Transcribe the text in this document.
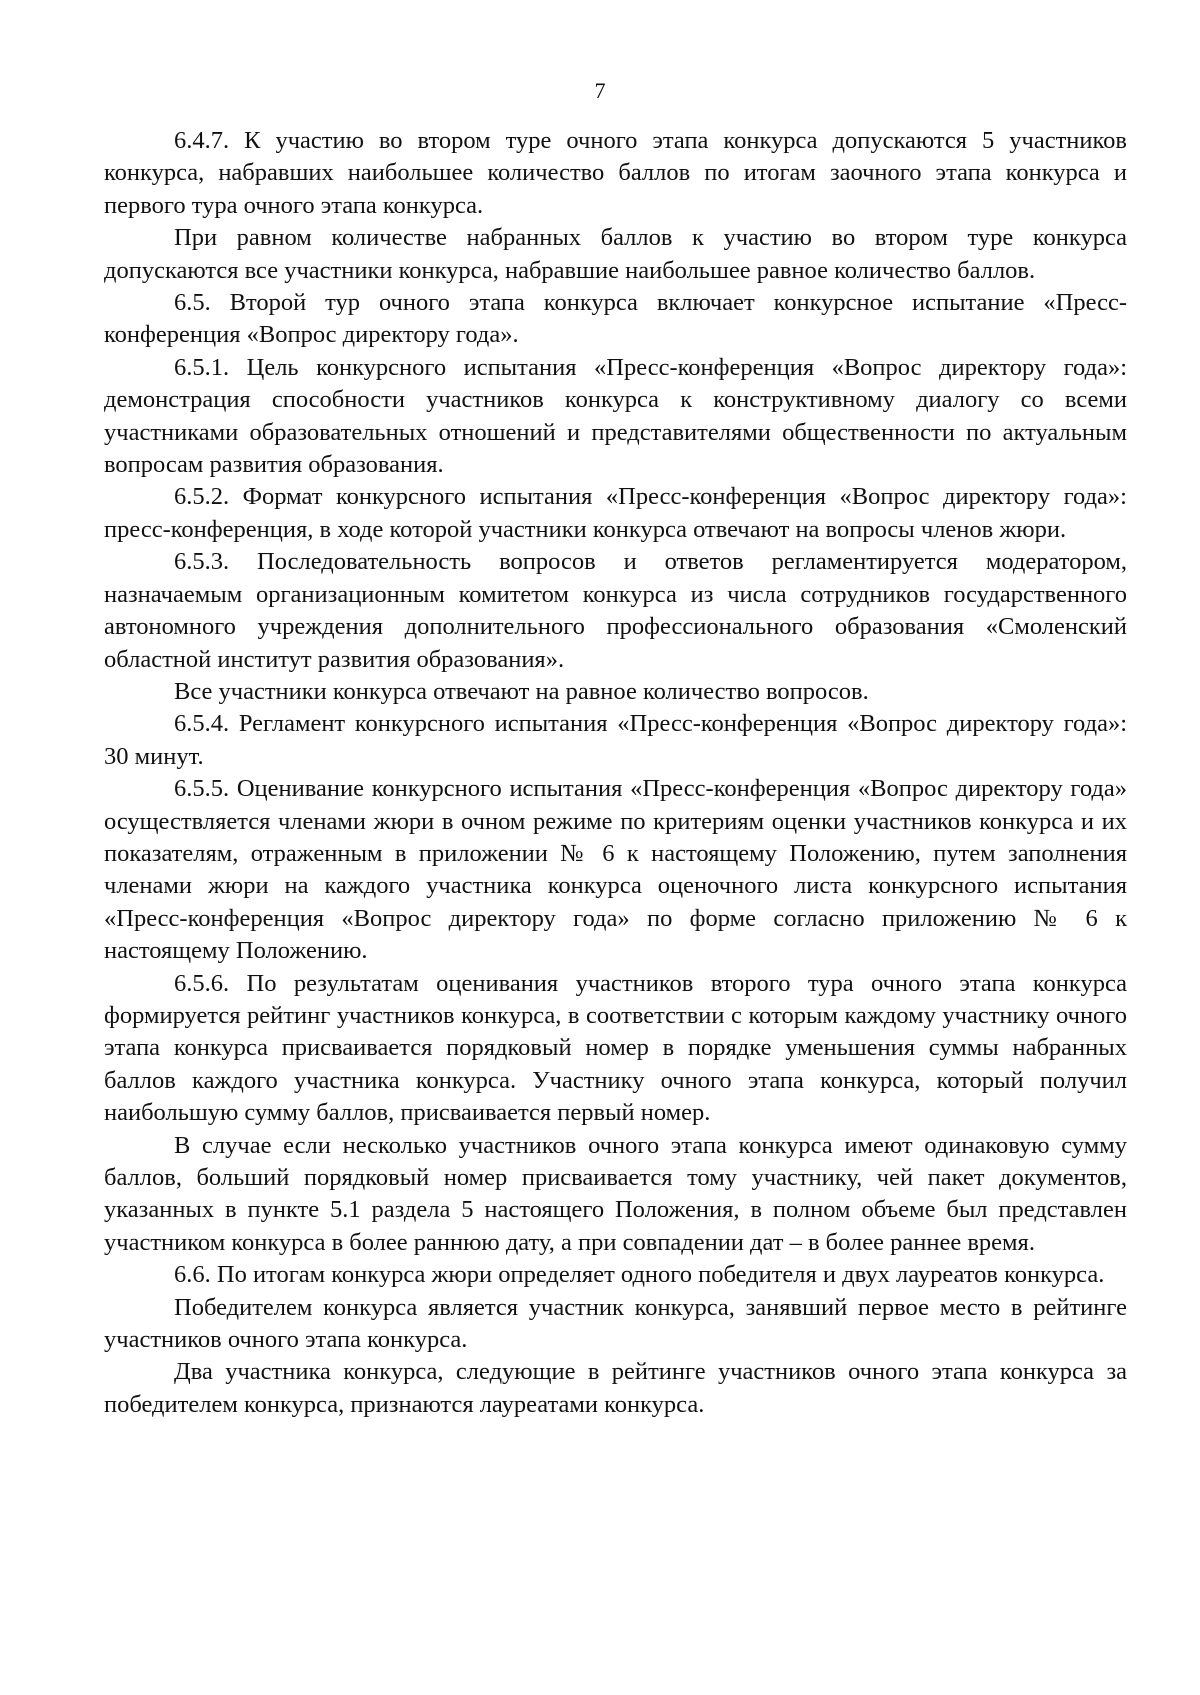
7

6.4.7. К участию во втором туре очного этапа конкурса допускаются 5 участников конкурса, набравших наибольшее количество баллов по итогам заочного этапа конкурса и первого тура очного этапа конкурса.

При равном количестве набранных баллов к участию во втором туре конкурса допускаются все участники конкурса, набравшие наибольшее равное количество баллов.

6.5. Второй тур очного этапа конкурса включает конкурсное испытание «Пресс-конференция «Вопрос директору года».

6.5.1. Цель конкурсного испытания «Пресс-конференция «Вопрос директору года»: демонстрация способности участников конкурса к конструктивному диалогу со всеми участниками образовательных отношений и представителями общественности по актуальным вопросам развития образования.

6.5.2. Формат конкурсного испытания «Пресс-конференция «Вопрос директору года»: пресс-конференция, в ходе которой участники конкурса отвечают на вопросы членов жюри.

6.5.3. Последовательность вопросов и ответов регламентируется модератором, назначаемым организационным комитетом конкурса из числа сотрудников государственного автономного учреждения дополнительного профессионального образования «Смоленский областной институт развития образования».

Все участники конкурса отвечают на равное количество вопросов.

6.5.4. Регламент конкурсного испытания «Пресс-конференция «Вопрос директору года»: 30 минут.

6.5.5. Оценивание конкурсного испытания «Пресс-конференция «Вопрос директору года» осуществляется членами жюри в очном режиме по критериям оценки участников конкурса и их показателям, отраженным в приложении № 6 к настоящему Положению, путем заполнения членами жюри на каждого участника конкурса оценочного листа конкурсного испытания «Пресс-конференция «Вопрос директору года» по форме согласно приложению № 6 к настоящему Положению.

6.5.6. По результатам оценивания участников второго тура очного этапа конкурса формируется рейтинг участников конкурса, в соответствии с которым каждому участнику очного этапа конкурса присваивается порядковый номер в порядке уменьшения суммы набранных баллов каждого участника конкурса. Участнику очного этапа конкурса, который получил наибольшую сумму баллов, присваивается первый номер.

В случае если несколько участников очного этапа конкурса имеют одинаковую сумму баллов, больший порядковый номер присваивается тому участнику, чей пакет документов, указанных в пункте 5.1 раздела 5 настоящего Положения, в полном объеме был представлен участником конкурса в более раннюю дату, а при совпадении дат – в более раннее время.

6.6. По итогам конкурса жюри определяет одного победителя и двух лауреатов конкурса.

Победителем конкурса является участник конкурса, занявший первое место в рейтинге участников очного этапа конкурса.

Два участника конкурса, следующие в рейтинге участников очного этапа конкурса за победителем конкурса, признаются лауреатами конкурса.
